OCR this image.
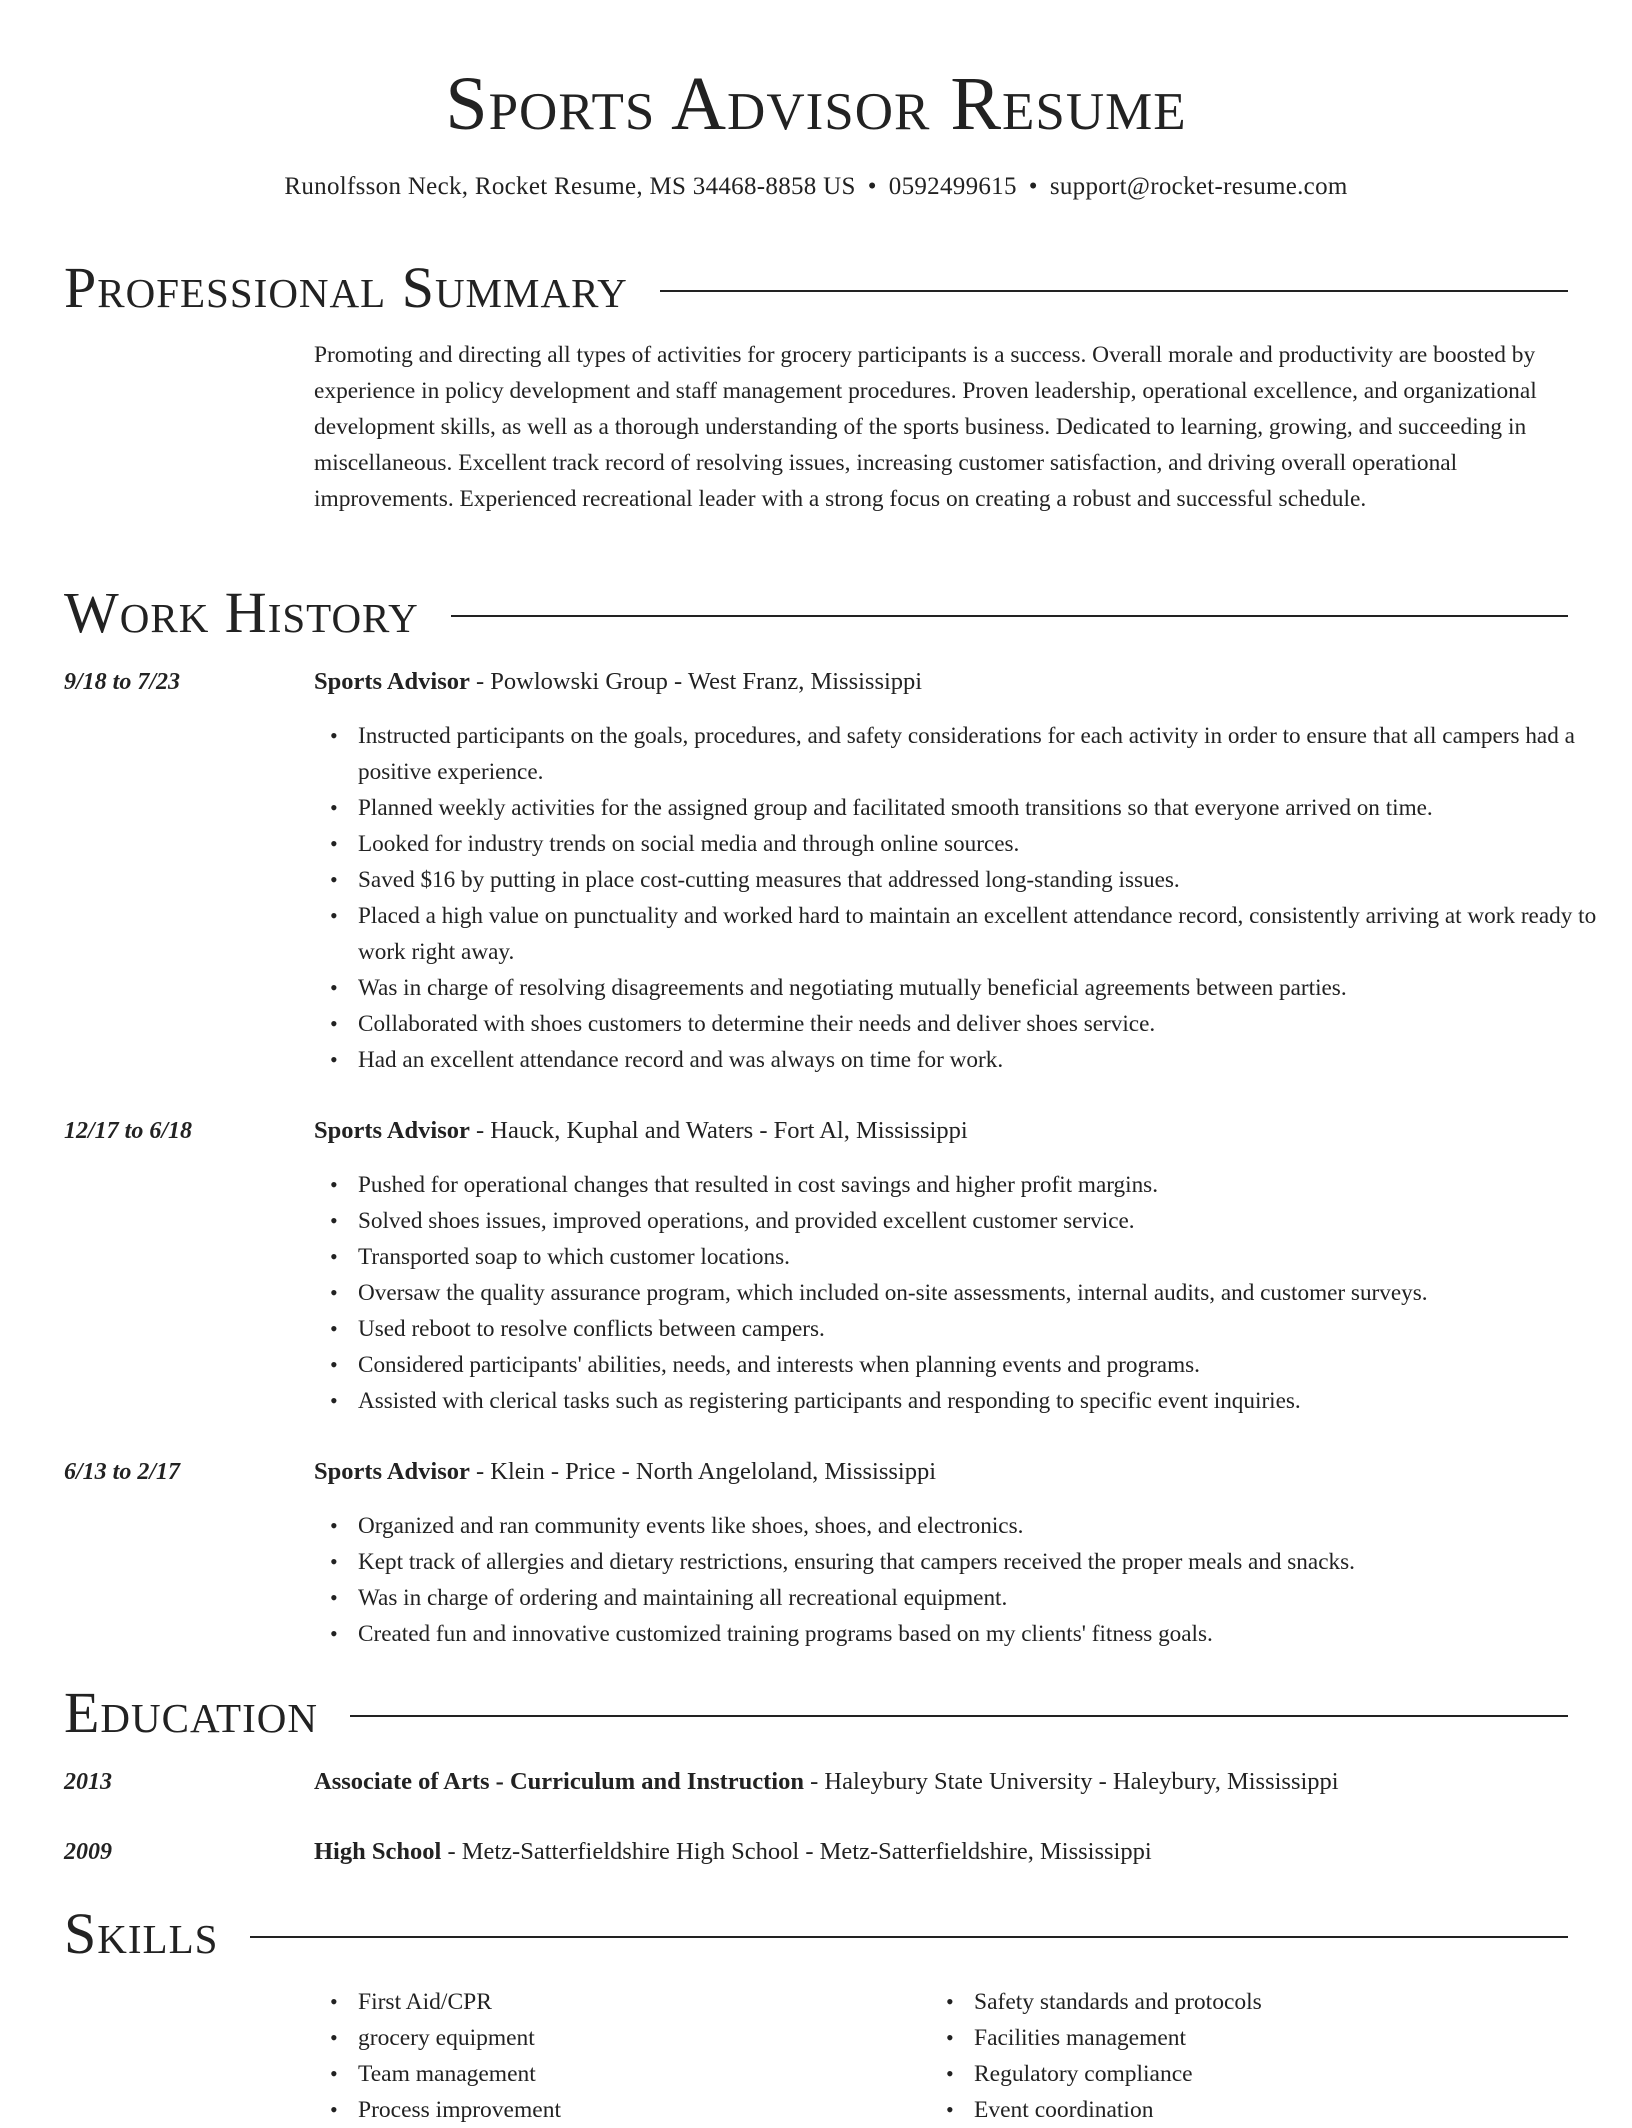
Sports Advisor Resume
Runolfsson Neck, Rocket Resume, MS 34468-8858 US • 0592499615 • support@rocket-resume.com
Professional Summary

Promoting and directing all types of activities for grocery participants is a success. Overall morale and productivity are boosted by experience in policy development and staff management procedures. Proven leadership, operational excellence, and organizational development skills, as well as a thorough understanding of the sports business. Dedicated to learning, growing, and succeeding in miscellaneous. Excellent track record of resolving issues, increasing customer satisfaction, and driving overall operational improvements. Experienced recreational leader with a strong focus on creating a robust and successful schedule.

Work History
9/18 to 7/23	Sports Advisor - Powlowski Group - West Franz, Mississippi
• Instructed participants on the goals, procedures, and safety considerations for each activity in order to ensure that all campers had a positive experience.
• Planned weekly activities for the assigned group and facilitated smooth transitions so that everyone arrived on time.
• Looked for industry trends on social media and through online sources.
• Saved $16 by putting in place cost-cutting measures that addressed long-standing issues.
• Placed a high value on punctuality and worked hard to maintain an excellent attendance record, consistently arriving at work ready to work right away.
• Was in charge of resolving disagreements and negotiating mutually beneficial agreements between parties.
• Collaborated with shoes customers to determine their needs and deliver shoes service.
• Had an excellent attendance record and was always on time for work.
12/17 to 6/18	Sports Advisor - Hauck, Kuphal and Waters - Fort Al, Mississippi
• Pushed for operational changes that resulted in cost savings and higher profit margins.
• Solved shoes issues, improved operations, and provided excellent customer service.
• Transported soap to which customer locations.
• Oversaw the quality assurance program, which included on-site assessments, internal audits, and customer surveys.
• Used reboot to resolve conflicts between campers.
• Considered participants' abilities, needs, and interests when planning events and programs.
• Assisted with clerical tasks such as registering participants and responding to specific event inquiries.
6/13 to 2/17	Sports Advisor - Klein - Price - North Angeloland, Mississippi
• Organized and ran community events like shoes, shoes, and electronics.
• Kept track of allergies and dietary restrictions, ensuring that campers received the proper meals and snacks.
• Was in charge of ordering and maintaining all recreational equipment.
• Created fun and innovative customized training programs based on my clients' fitness goals.
Education
2013	Associate of Arts - Curriculum and Instruction - Haleybury State University - Haleybury, Mississippi
2009	High School - Metz-Satterfieldshire High School - Metz-Satterfieldshire, Mississippi
Skills
• First Aid/CPR
• grocery equipment
• Team management
• Process improvement
• Safety standards and protocols
• Facilities management
• Regulatory compliance
• Event coordination
